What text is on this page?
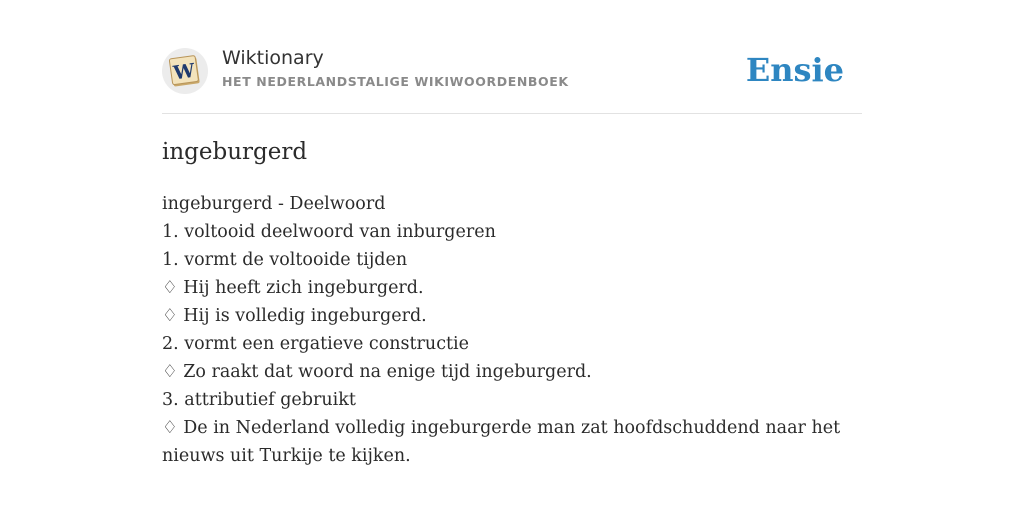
W
Wiktionary
HET NEDERLANDSTALIGE WIKIWOORDENBOEK	Ensie
ingeburgerd
ingeburgerd - Deelwoord
1. voltooid deelwoord van inburgeren
1. vormt de voltooide tijden
♢ Hij heeft zich ingeburgerd.
♢ Hij is volledig ingeburgerd.
2. vormt een ergatieve constructie
♢ Zo raakt dat woord na enige tijd ingeburgerd.
3. attributief gebruikt
♢ De in Nederland volledig ingeburgerde man zat hoofdschuddend naar het nieuws uit Turkije te kijken.
